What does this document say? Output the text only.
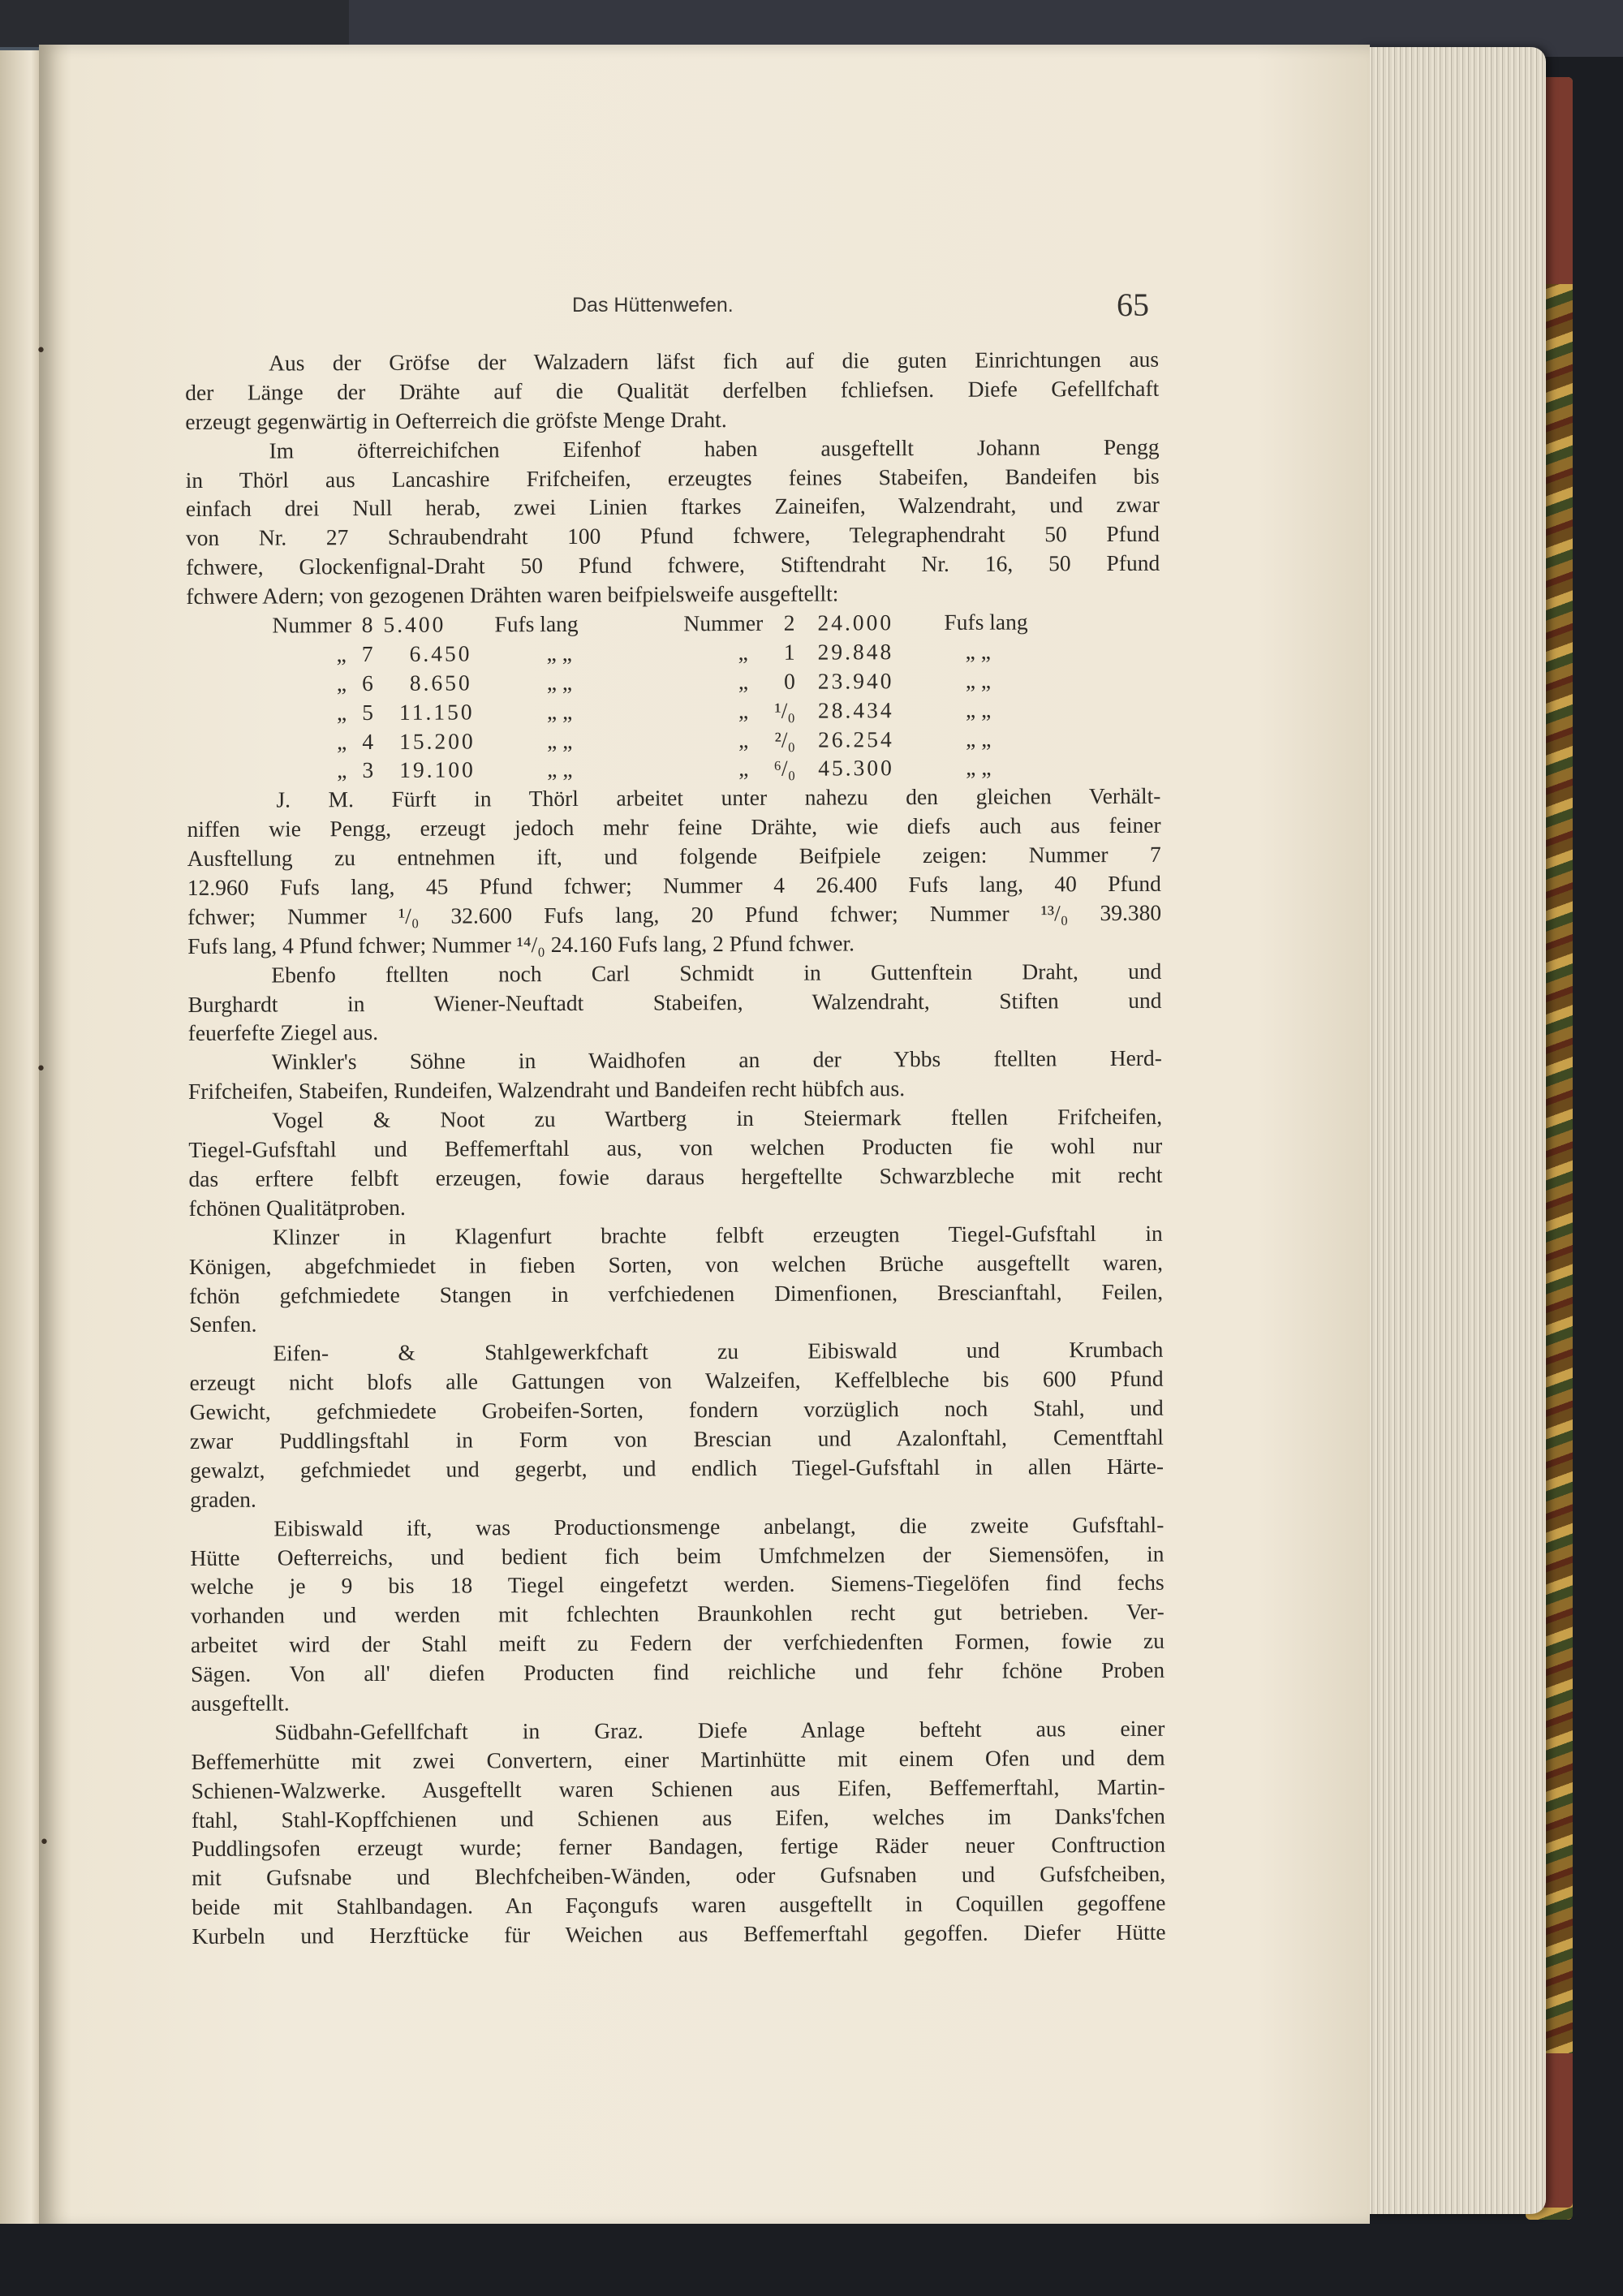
•
•
•
Das Hüttenwefen.	65
Aus der Gröfse der Walzadern läfst fich auf die guten Einrichtungen aus
der Länge der Drähte auf die Qualität derfelben fchliefsen. Diefe Gefellfchaft
erzeugt gegenwärtig in Oefterreich die gröfste Menge Draht.
Im öfterreichifchen Eifenhof haben ausgeftellt Johann Pengg
in Thörl aus Lancashire Frifcheifen, erzeugtes feines Stabeifen, Bandeifen bis
einfach drei Null herab, zwei Linien ftarkes Zaineifen, Walzendraht, und zwar
von Nr. 27 Schraubendraht 100 Pfund fchwere, Telegraphendraht 50 Pfund
fchwere, Glockenfignal-Draht 50 Pfund fchwere, Stiftendraht Nr. 16, 50 Pfund
fchwere Adern; von gezogenen Drähten waren beifpielsweife ausgeftellt:
Nummer 8 5.400 Fufs lang	Nummer 2 24.000 Fufs lang
„ 7 6.450	„ „	„	1 29.848	„ „
„ 6 8.650	„ „	„	0 23.940	„ „
„ 5 11.150	„ „	„	¹/₀ 28.434	„ „
„ 4 15.200	„ „	„	²/₀ 26.254	„ „
„ 3 19.100	„ „	„	⁶/₀ 45.300	„ „
J. M. Fürft in Thörl arbeitet unter nahezu den gleichen Verhält-
niffen wie Pengg, erzeugt jedoch mehr feine Drähte, wie diefs auch aus feiner
Ausftellung zu entnehmen ift, und folgende Beifpiele zeigen: Nummer 7
12.960 Fufs lang, 45 Pfund fchwer; Nummer 4 26.400 Fufs lang, 40 Pfund
fchwer; Nummer ¹/₀ 32.600 Fufs lang, 20 Pfund fchwer; Nummer ¹³/₀ 39.380
Fufs lang, 4 Pfund fchwer; Nummer ¹⁴/₀ 24.160 Fufs lang, 2 Pfund fchwer.
Ebenfo ftellten noch Carl Schmidt in Guttenftein Draht, und
Burghardt in Wiener-Neuftadt Stabeifen, Walzendraht, Stiften und
feuerfefte Ziegel aus.
Winkler's Söhne in Waidhofen an der Ybbs ftellten Herd-
Frifcheifen, Stabeifen, Rundeifen, Walzendraht und Bandeifen recht hübfch aus.
Vogel & Noot zu Wartberg in Steiermark ftellen Frifcheifen,
Tiegel-Gufsftahl und Beffemerftahl aus, von welchen Producten fie wohl nur
das erftere felbft erzeugen, fowie daraus hergeftellte Schwarzbleche mit recht
fchönen Qualitätproben.
Klinzer in Klagenfurt brachte felbft erzeugten Tiegel-Gufsftahl in
Königen, abgefchmiedet in fieben Sorten, von welchen Brüche ausgeftellt waren,
fchön gefchmiedete Stangen in verfchiedenen Dimenfionen, Brescianftahl, Feilen,
Senfen.
Eifen- & Stahlgewerkfchaft zu Eibiswald und Krumbach
erzeugt nicht blofs alle Gattungen von Walzeifen, Keffelbleche bis 600 Pfund
Gewicht, gefchmiedete Grobeifen-Sorten, fondern vorzüglich noch Stahl, und
zwar Puddlingsftahl in Form von Brescian und Azalonftahl, Cementftahl
gewalzt, gefchmiedet und gegerbt, und endlich Tiegel-Gufsftahl in allen Härte-
graden.
Eibiswald ift, was Productionsmenge anbelangt, die zweite Gufsftahl-
Hütte Oefterreichs, und bedient fich beim Umfchmelzen der Siemensöfen, in
welche je 9 bis 18 Tiegel eingefetzt werden. Siemens-Tiegelöfen find fechs
vorhanden und werden mit fchlechten Braunkohlen recht gut betrieben. Ver-
arbeitet wird der Stahl meift zu Federn der verfchiedenften Formen, fowie zu
Sägen. Von all' diefen Producten find reichliche und fehr fchöne Proben
ausgeftellt.
Südbahn-Gefellfchaft in Graz. Diefe Anlage befteht aus einer
Beffemerhütte mit zwei Convertern, einer Martinhütte mit einem Ofen und dem
Schienen-Walzwerke. Ausgeftellt waren Schienen aus Eifen, Beffemerftahl, Martin-
ftahl, Stahl-Kopffchienen und Schienen aus Eifen, welches im Danks'fchen
Puddlingsofen erzeugt wurde; ferner Bandagen, fertige Räder neuer Conftruction
mit Gufsnabe und Blechfcheiben-Wänden, oder Gufsnaben und Gufsfcheiben,
beide mit Stahlbandagen. An Façongufs waren ausgeftellt in Coquillen gegoffene
Kurbeln und Herzftücke für Weichen aus Beffemerftahl gegoffen. Diefer Hütte
